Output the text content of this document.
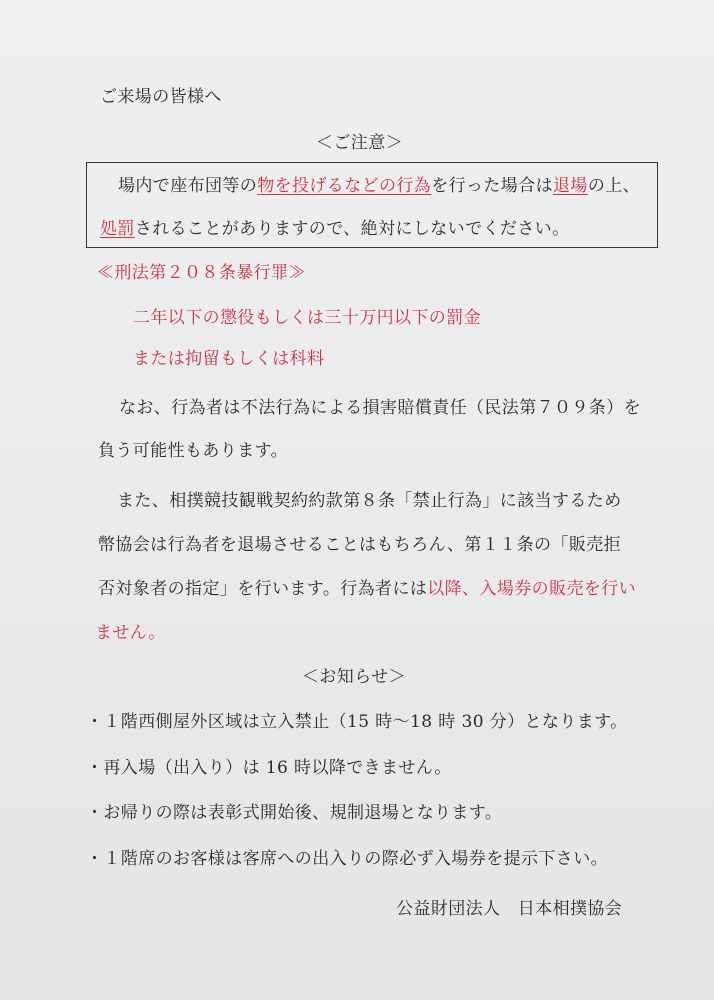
ご来場の皆様へ
＜ご注意＞
場内で座布団等の物を投げるなどの行為を行った場合は退場の上、
処罰されることがありますので、絶対にしないでください。
≪刑法第２０８条暴行罪≫
二年以下の懲役もしくは三十万円以下の罰金
または拘留もしくは科料
なお、行為者は不法行為による損害賠償責任（民法第７０９条）を
負う可能性もあります。
また、相撲競技観戦契約約款第８条「禁止行為」に該当するため
幣協会は行為者を退場させることはもちろん、第１１条の「販売拒
否対象者の指定」を行います。行為者には以降、入場券の販売を行い
ません。
＜お知らせ＞
・１階西側屋外区域は立入禁止（15 時～18 時 30 分）となります。
・再入場（出入り）は 16 時以降できません。
・お帰りの際は表彰式開始後、規制退場となります。
・１階席のお客様は客席への出入りの際必ず入場券を提示下さい。
公益財団法人　日本相撲協会
